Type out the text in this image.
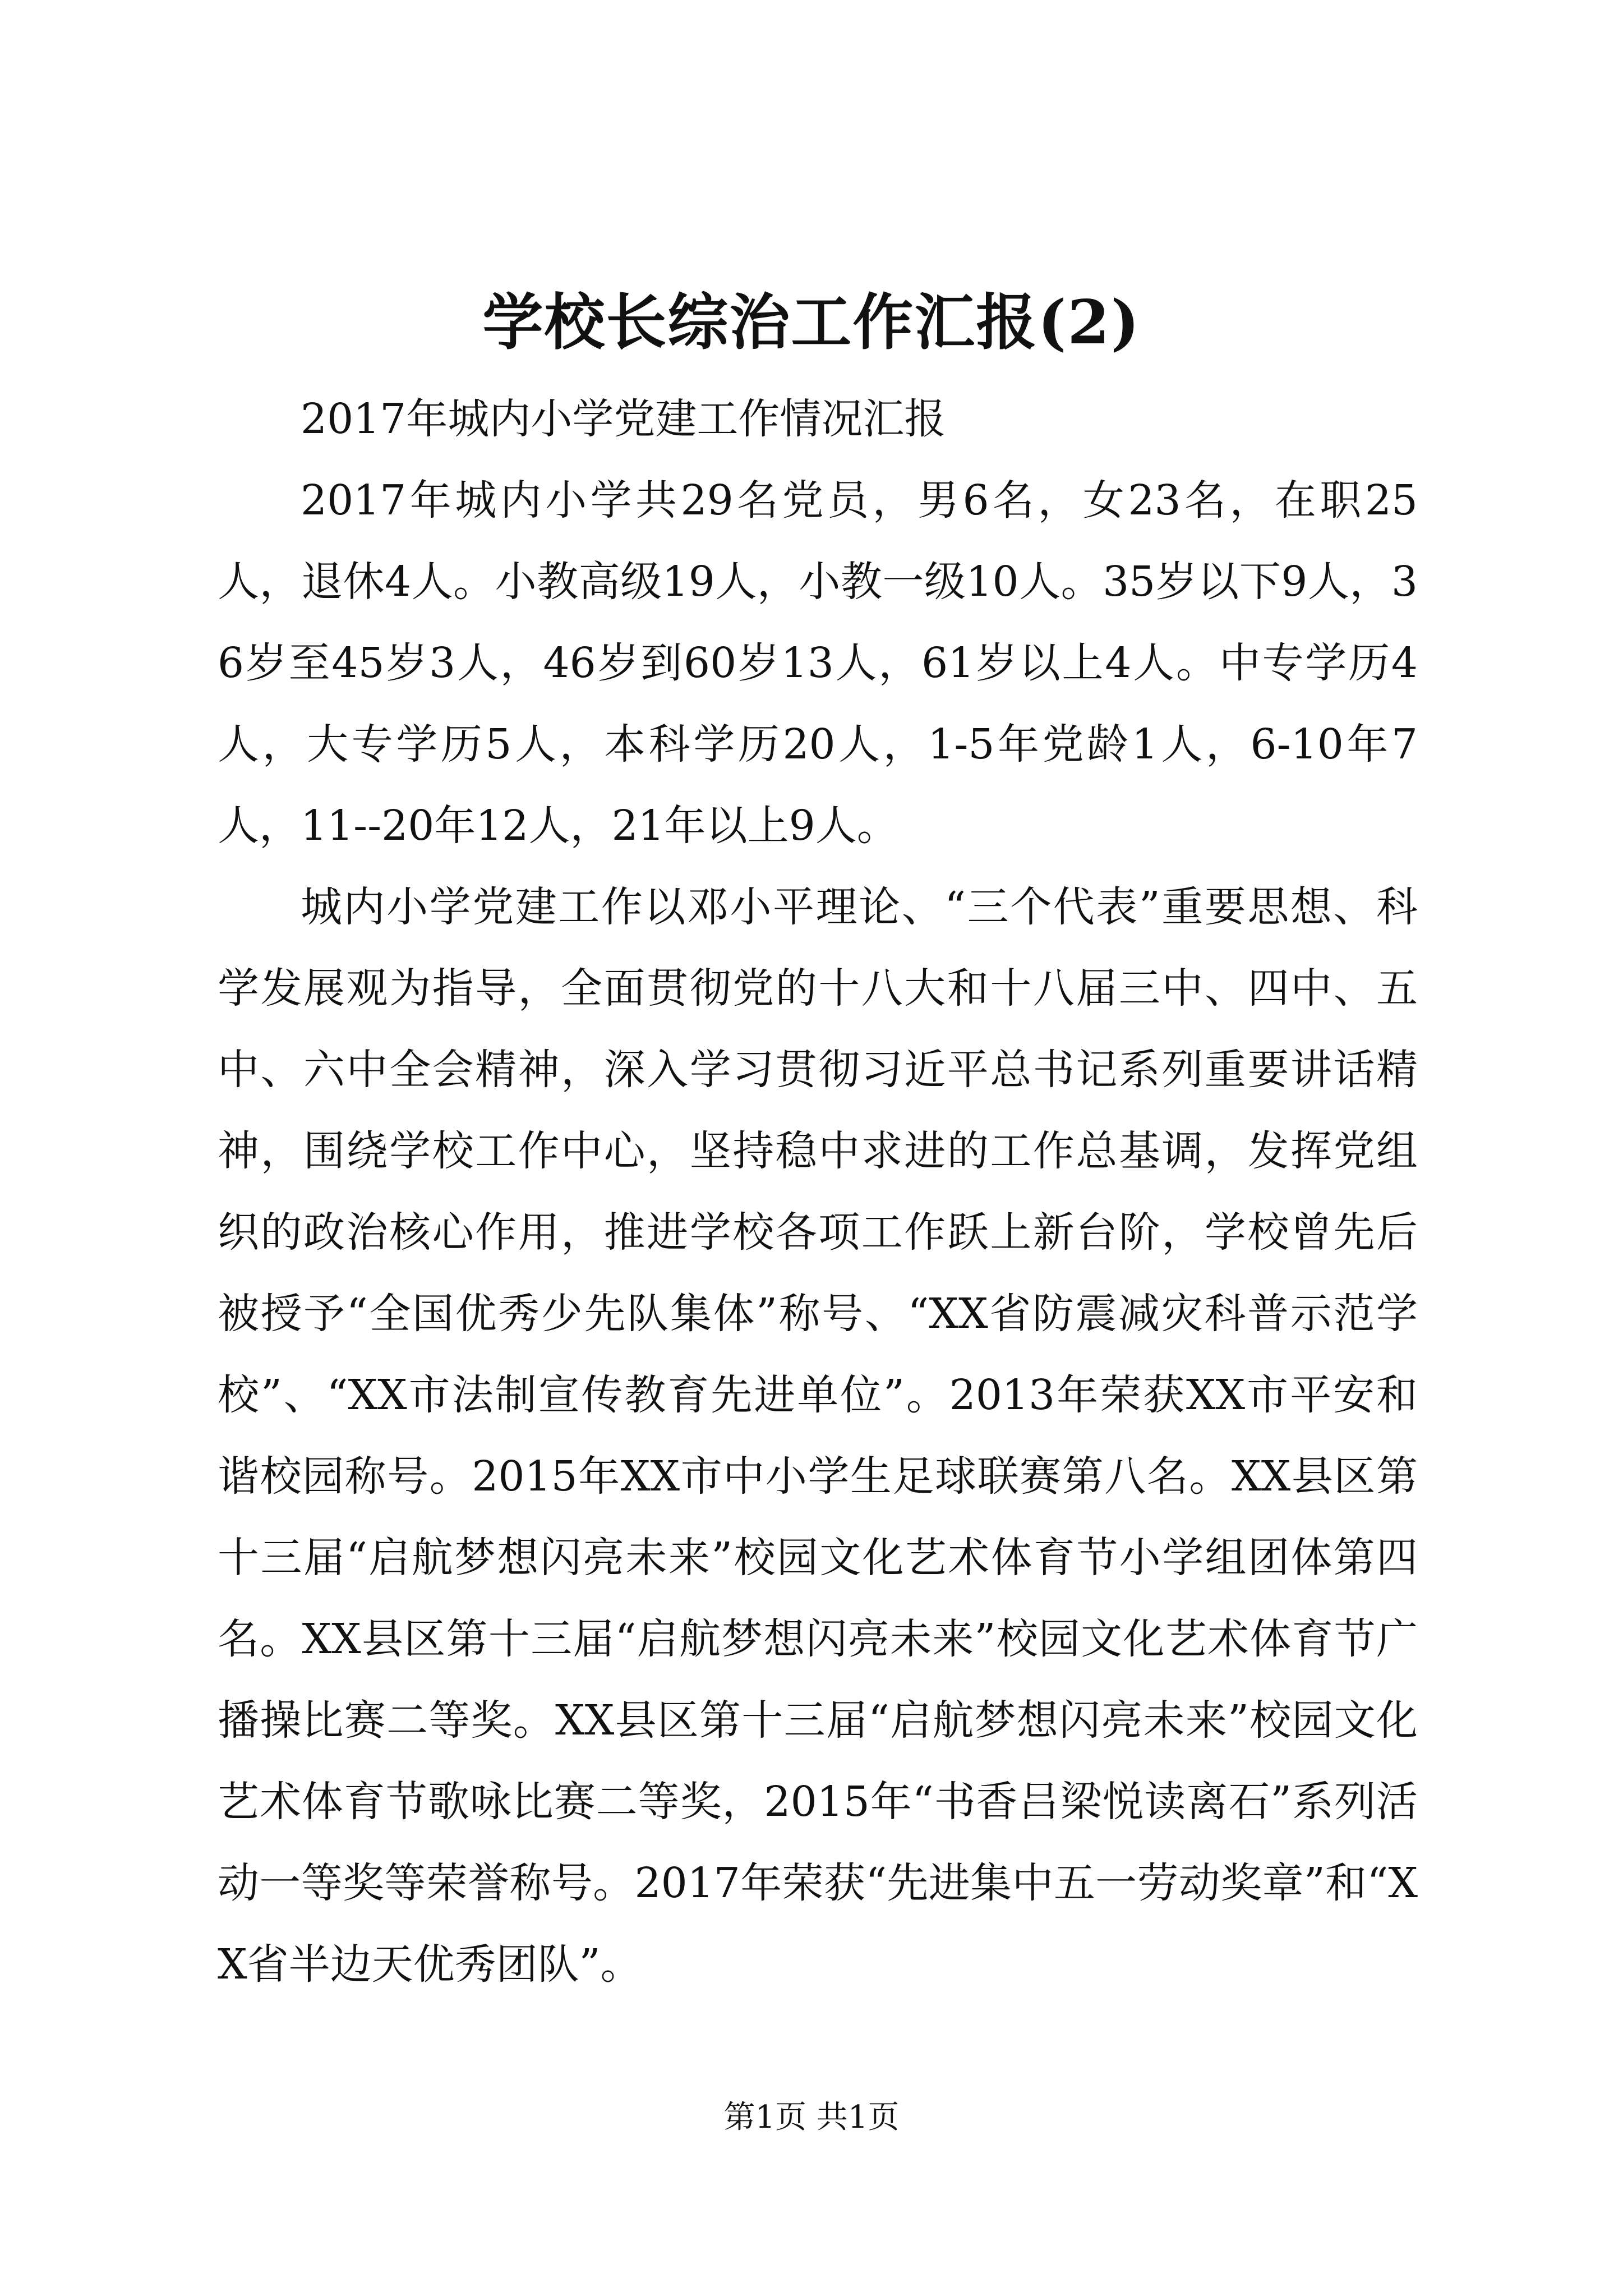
学校长综治工作汇报(2)

2017年城内小学党建工作情况汇报

2017年城内小学共29名党员，男6名，女23名，在职25人，退休4人。小教高级19人，小教一级10人。35岁以下9人，36岁至45岁3人，46岁到60岁13人，61岁以上4人。中专学历4人，大专学历5人，本科学历20人，1-5年党龄1人，6-10年7人，11--20年12人，21年以上9人。

城内小学党建工作以邓小平理论、“三个代表”重要思想、科学发展观为指导，全面贯彻党的十八大和十八届三中、四中、五中、六中全会精神，深入学习贯彻习近平总书记系列重要讲话精神，围绕学校工作中心，坚持稳中求进的工作总基调，发挥党组织的政治核心作用，推进学校各项工作跃上新台阶，学校曾先后被授予“全国优秀少先队集体”称号、“XX省防震减灾科普示范学校”、“XX市法制宣传教育先进单位”。2013年荣获XX市平安和谐校园称号。2015年XX市中小学生足球联赛第八名。XX县区第十三届“启航梦想闪亮未来”校园文化艺术体育节小学组团体第四名。XX县区第十三届“启航梦想闪亮未来”校园文化艺术体育节广播操比赛二等奖。XX县区第十三届“启航梦想闪亮未来”校园文化艺术体育节歌咏比赛二等奖，2015年“书香吕梁悦读离石”系列活动一等奖等荣誉称号。2017年荣获“先进集中五一劳动奖章”和“XX省半边天优秀团队”。

第1页 共1页
